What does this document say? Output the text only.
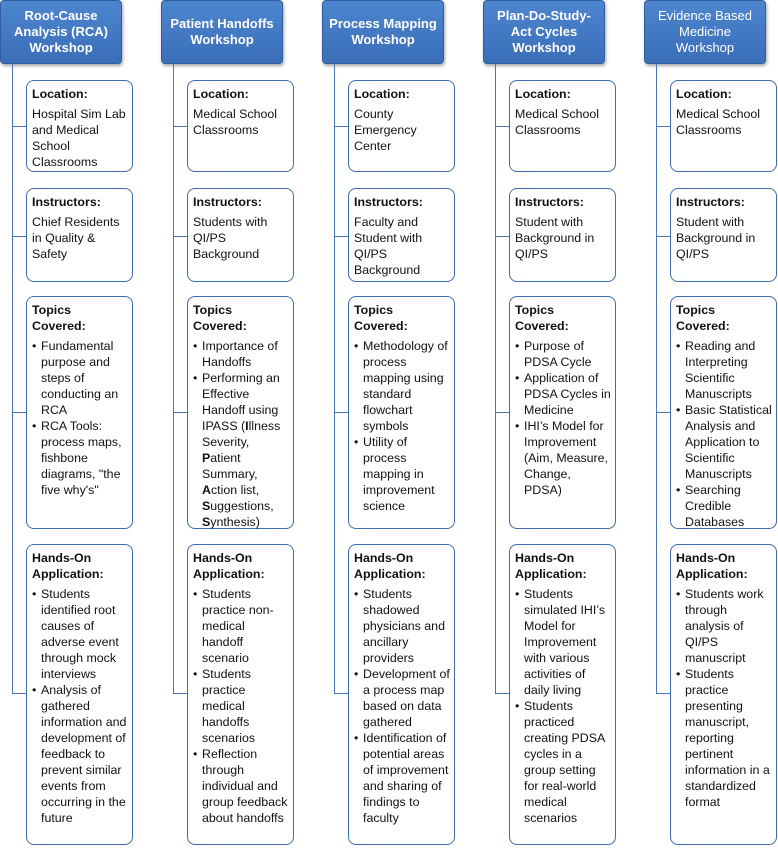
Root-Cause Analysis (RCA) Workshop
Location:
Hospital Sim Lab and Medical School Classrooms
Instructors:
Chief Residents in Quality & Safety
Topics Covered:
• Fundamental purpose and steps of conducting an RCA
• RCA Tools: process maps, fishbone diagrams, "the five why's"
Hands-On Application:
• Students identified root causes of adverse event through mock interviews
• Analysis of gathered information and development of feedback to prevent similar events from occurring in the future
Patient Handoffs Workshop
Location:
Medical School Classrooms
Instructors:
Students with QI/PS Background
Topics Covered:
• Importance of Handoffs
• Performing an Effective Handoff using IPASS (Illness Severity, Patient Summary, Action list, Suggestions, Synthesis)
Hands-On Application:
• Students practice non-medical handoff scenario
• Students practice medical handoffs scenarios
• Reflection through individual and group feedback about handoffs
Process Mapping Workshop
Location:
County Emergency Center
Instructors:
Faculty and Student with QI/PS Background
Topics Covered:
• Methodology of process mapping using standard flowchart symbols
• Utility of process mapping in improvement science
Hands-On Application:
• Students shadowed physicians and ancillary providers
• Development of a process map based on data gathered
• Identification of potential areas of improvement and sharing of findings to faculty
Plan-Do-Study-Act Cycles Workshop
Location:
Medical School Classrooms
Instructors:
Student with Background in QI/PS
Topics Covered:
• Purpose of PDSA Cycle
• Application of PDSA Cycles in Medicine
• IHI’s Model for Improvement (Aim, Measure, Change, PDSA)
Hands-On Application:
• Students simulated IHI’s Model for Improvement with various activities of daily living
• Students practiced creating PDSA cycles in a group setting for real-world medical scenarios
Evidence Based Medicine Workshop
Location:
Medical School Classrooms
Instructors:
Student with Background in QI/PS
Topics Covered:
• Reading and Interpreting Scientific Manuscripts
• Basic Statistical Analysis and Application to Scientific Manuscripts
• Searching Credible Databases
Hands-On Application:
• Students work through analysis of QI/PS manuscript
• Students practice presenting manuscript, reporting pertinent information in a standardized format
